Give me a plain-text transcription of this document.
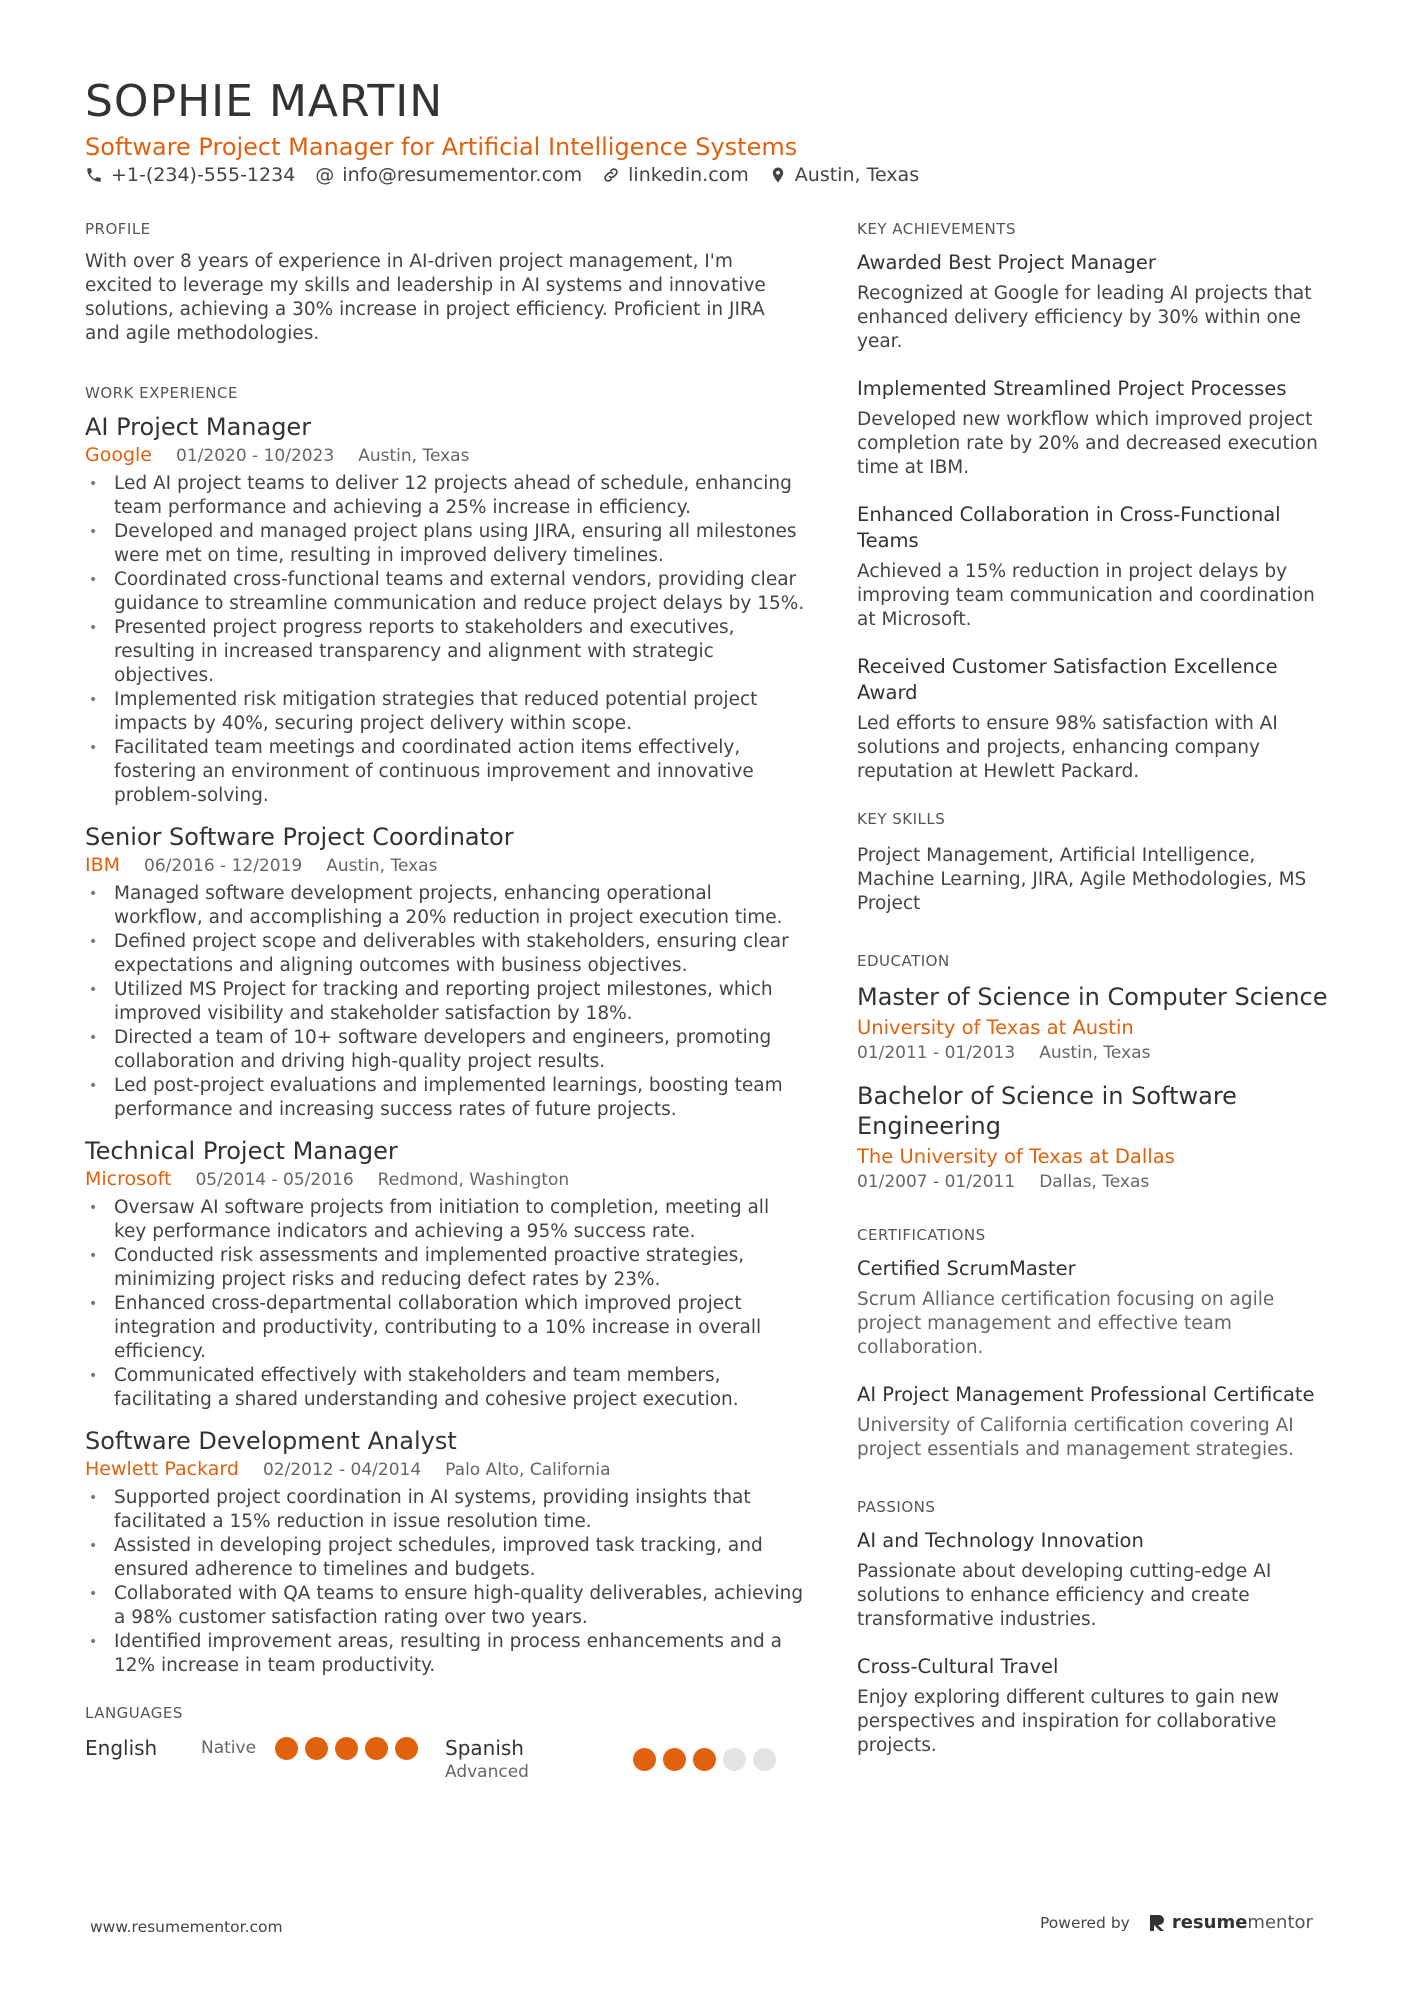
SOPHIE MARTIN
Software Project Manager for Artificial Intelligence Systems
+1-(234)-555-1234 @ info@resumementor.com linkedin.com Austin, Texas
PROFILE

With over 8 years of experience in AI-driven project management, I'm excited to leverage my skills and leadership in AI systems and innovative solutions, achieving a 30% increase in project efficiency. Proficient in JIRA and agile methodologies.

WORK EXPERIENCE
AI Project Manager
Google 01/2020 - 10/2023 Austin, Texas
• Led AI project teams to deliver 12 projects ahead of schedule, enhancing team performance and achieving a 25% increase in efficiency.
• Developed and managed project plans using JIRA, ensuring all milestones were met on time, resulting in improved delivery timelines.
• Coordinated cross-functional teams and external vendors, providing clear guidance to streamline communication and reduce project delays by 15%.
• Presented project progress reports to stakeholders and executives, resulting in increased transparency and alignment with strategic objectives.
• Implemented risk mitigation strategies that reduced potential project impacts by 40%, securing project delivery within scope.
• Facilitated team meetings and coordinated action items effectively, fostering an environment of continuous improvement and innovative problem-solving.
Senior Software Project Coordinator
IBM 06/2016 - 12/2019 Austin, Texas
• Managed software development projects, enhancing operational workflow, and accomplishing a 20% reduction in project execution time.
• Defined project scope and deliverables with stakeholders, ensuring clear expectations and aligning outcomes with business objectives.
• Utilized MS Project for tracking and reporting project milestones, which improved visibility and stakeholder satisfaction by 18%.
• Directed a team of 10+ software developers and engineers, promoting collaboration and driving high-quality project results.
• Led post-project evaluations and implemented learnings, boosting team performance and increasing success rates of future projects.
Technical Project Manager
Microsoft 05/2014 - 05/2016 Redmond, Washington
• Oversaw AI software projects from initiation to completion, meeting all key performance indicators and achieving a 95% success rate.
• Conducted risk assessments and implemented proactive strategies, minimizing project risks and reducing defect rates by 23%.
• Enhanced cross-departmental collaboration which improved project integration and productivity, contributing to a 10% increase in overall efficiency.
• Communicated effectively with stakeholders and team members, facilitating a shared understanding and cohesive project execution.
Software Development Analyst
Hewlett Packard 02/2012 - 04/2014 Palo Alto, California
• Supported project coordination in AI systems, providing insights that facilitated a 15% reduction in issue resolution time.
• Assisted in developing project schedules, improved task tracking, and ensured adherence to timelines and budgets.
• Collaborated with QA teams to ensure high-quality deliverables, achieving a 98% customer satisfaction rating over two years.
• Identified improvement areas, resulting in process enhancements and a 12% increase in team productivity.
LANGUAGES
English	Native	Spanish
Advanced
KEY ACHIEVEMENTS
Awarded Best Project Manager
Recognized at Google for leading AI projects that enhanced delivery efficiency by 30% within one year.
Implemented Streamlined Project Processes
Developed new workflow which improved project completion rate by 20% and decreased execution time at IBM.
Enhanced Collaboration in Cross-Functional Teams
Achieved a 15% reduction in project delays by improving team communication and coordination at Microsoft.
Received Customer Satisfaction Excellence Award
Led efforts to ensure 98% satisfaction with AI solutions and projects, enhancing company reputation at Hewlett Packard.
KEY SKILLS

Project Management, Artificial Intelligence, Machine Learning, JIRA, Agile Methodologies, MS Project

EDUCATION
Master of Science in Computer Science
University of Texas at Austin
01/2011 - 01/2013 Austin, Texas
Bachelor of Science in Software Engineering
The University of Texas at Dallas
01/2007 - 01/2011 Dallas, Texas
CERTIFICATIONS
Certified ScrumMaster
Scrum Alliance certification focusing on agile project management and effective team collaboration.
AI Project Management Professional Certificate
University of California certification covering AI project essentials and management strategies.
PASSIONS
AI and Technology Innovation
Passionate about developing cutting-edge AI solutions to enhance efficiency and create transformative industries.
Cross-Cultural Travel
Enjoy exploring different cultures to gain new perspectives and inspiration for collaborative projects.
www.resumementor.com	Powered by resumementor
